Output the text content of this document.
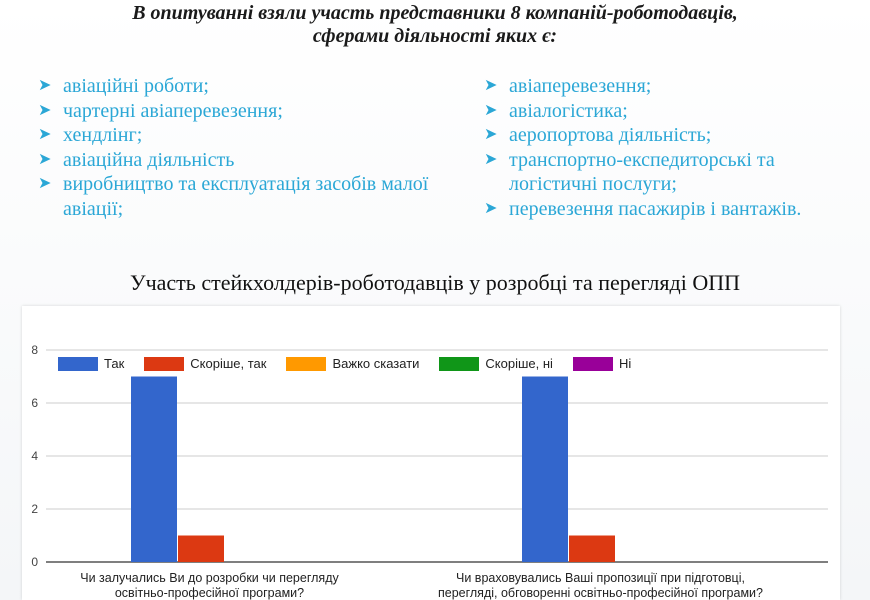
В опитуванні взяли участь представники 8 компаній-роботодавців,
сферами діяльності яких є:
➤ авіаційні роботи;
➤ чартерні авіаперевезення;
➤ хендлінг;
➤ авіаційна діяльність
➤ виробництво та експлуатація засобів малої авіації;
➤ авіаперевезення;
➤ авіалогістика;
➤ аеропортова діяльність;
➤ транспортно-експедиторські та логістичні послуги;
➤ перевезення пасажирів і вантажів.
Участь стейкхолдерів-роботодавців у розробці та перегляді ОПП
0
2
4
6
8
Чи залучались Ви до розробки чи перегляду
освітньо-професійної програми?
Чи враховувались Ваші пропозиції при підготовці,
перегляді, обговоренні освітньо-професійної програми?
Так	Скоріше, так	Важко сказати	Скоріше, ні	Ні
